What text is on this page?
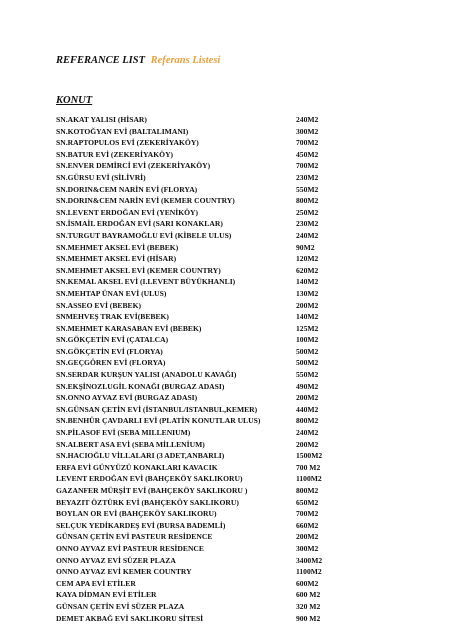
REFERANCE LIST Referans Listesi
KONUT
SN.AKAT YALISI (HİSAR)	240M2
SN.KOTOĞYAN EVİ (BALTALIMANI)	300M2
SN.RAPTOPULOS EVİ (ZEKERİYAKÖY)	700M2
SN.BATUR EVİ (ZEKERİYAKÖY)	450M2
SN.ENVER DEMİRCİ EVİ (ZEKERİYAKÖY)	700M2
SN.GÜRSU EVİ (SİLİVRİ)	230M2
SN.DORIN&CEM NARİN EVİ (FLORYA)	550M2
SN.DORIN&CEM NARİN EVİ (KEMER COUNTRY)	800M2
SN.LEVENT ERDOĞAN EVİ (YENİKÖY)	250M2
SN.İSMAİL ERDOĞAN EVİ (SARI KONAKLAR)	230M2
SN.TURGUT BAYRAMOĞLU EVİ (KİBELE ULUS)	240M2
SN.MEHMET AKSEL EVİ (BEBEK)	90M2
SN.MEHMET AKSEL EVİ (HİSAR)	120M2
SN.MEHMET AKSEL EVİ (KEMER COUNTRY)	620M2
SN.KEMAL AKSEL EVİ (I.LEVENT BÜYÜKHANLI)	140M2
SN.MEHTAP ÜNAN EVİ (ULUS)	130M2
SN.ASSEO EVİ (BEBEK)	200M2
SNMEHVEŞ TRAK EVİ(BEBEK)	140M2
SN.MEHMET KARASABAN EVİ (BEBEK)	125M2
SN.GÖKÇETİN EVİ (ÇATALCA)	100M2
SN.GÖKÇETİN EVİ (FLORYA)	500M2
SN.GEÇGÖREN EVİ (FLORYA)	500M2
SN.SERDAR KURŞUN YALISI (ANADOLU KAVAĞI)	550M2
SN.EKŞİNOZLUGİL KONAĞI (BURGAZ ADASI)	490M2
SN.ONNO AYVAZ EVİ (BURGAZ ADASI)	200M2
SN.GÜNSAN ÇETİN EVİ (İSTANBUL/ISTANBUL,KEMER)	440M2
SN.BENHÜR ÇAVDARLI EVİ (PLATİN KONUTLAR ULUS)	800M2
SN.PİLASOF EVİ (SEBA MILLENIUM)	240M2
SN.ALBERT ASA EVİ (SEBA MİLLENİUM)	200M2
SN.HACIOĞLU VİLLALARI (3 ADET,ANBARLI)	1500M2
ERFA EVİ GÜNYÜZÜ KONAKLARI KAVACIK	700 M2
LEVENT ERDOĞAN EVİ (BAHÇEKÖY SAKLIKORU)	1100M2
GAZANFER MÜRŞİT EVİ (BAHÇEKÖY SAKLIKORU )	800M2
BEYAZIT ÖZTÜRK EVİ (BAHÇEKÖY SAKLIKORU)	650M2
BOYLAN OR EVİ (BAHÇEKÖY SAKLIKORU)	700M2
SELÇUK YEDİKARDEŞ EVİ (BURSA BADEMLİ)	660M2
GÜNSAN ÇETİN EVİ PASTEUR RESİDENCE	200M2
ONNO AYVAZ EVİ PASTEUR RESİDENCE	300M2
ONNO AYVAZ EVİ SÜZER PLAZA	3400M2
ONNO AYVAZ EVİ KEMER COUNTRY	1100M2
CEM APA EVİ ETİLER	600M2
KAYA DİDMAN EVİ ETİLER	600 M2
GÜNSAN ÇETİN EVİ SÜZER PLAZA	320 M2
DEMET AKBAĞ EVİ SAKLIKORU SİTESİ	900 M2
